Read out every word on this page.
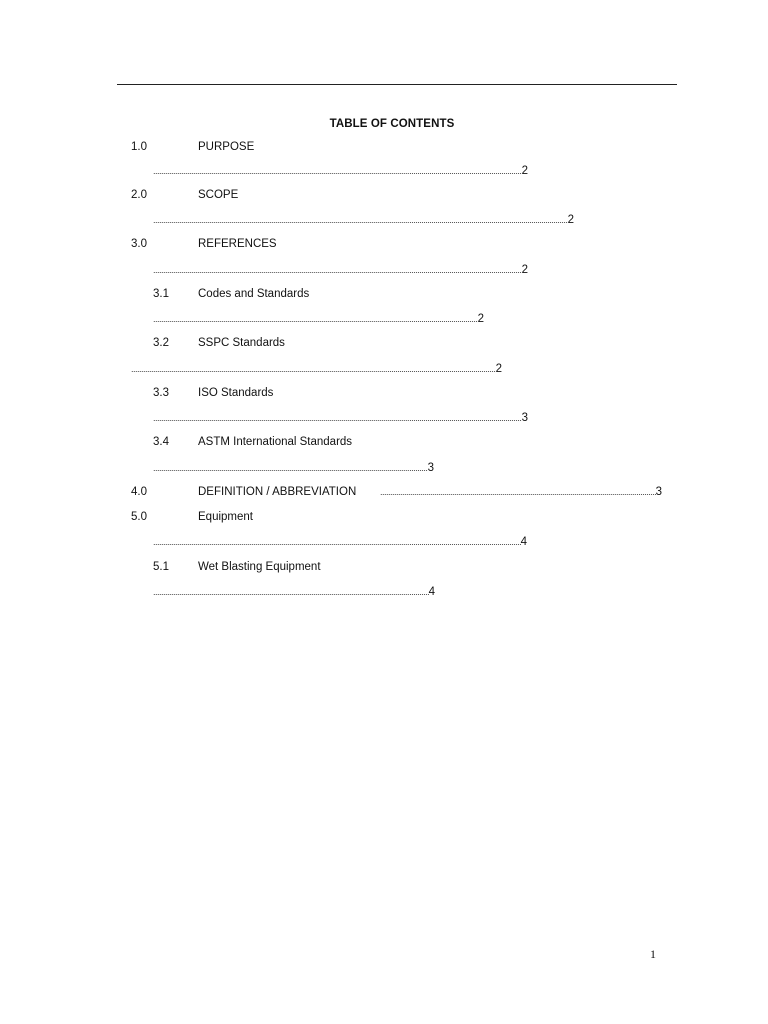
TABLE OF CONTENTS
1.0	PURPOSE
.....
2
2.0	SCOPE
.....
2
3.0	REFERENCES
.....
2
3.1	Codes and Standards
.....
2
3.2	SSPC Standards
.....
2
3.3	ISO Standards
.....
3
3.4	ASTM International Standards
.....
3
4.0	DEFINITION / ABBREVIATION
.....	3
5.0	Equipment
.....
4
5.1	Wet Blasting Equipment
.....
4
1
